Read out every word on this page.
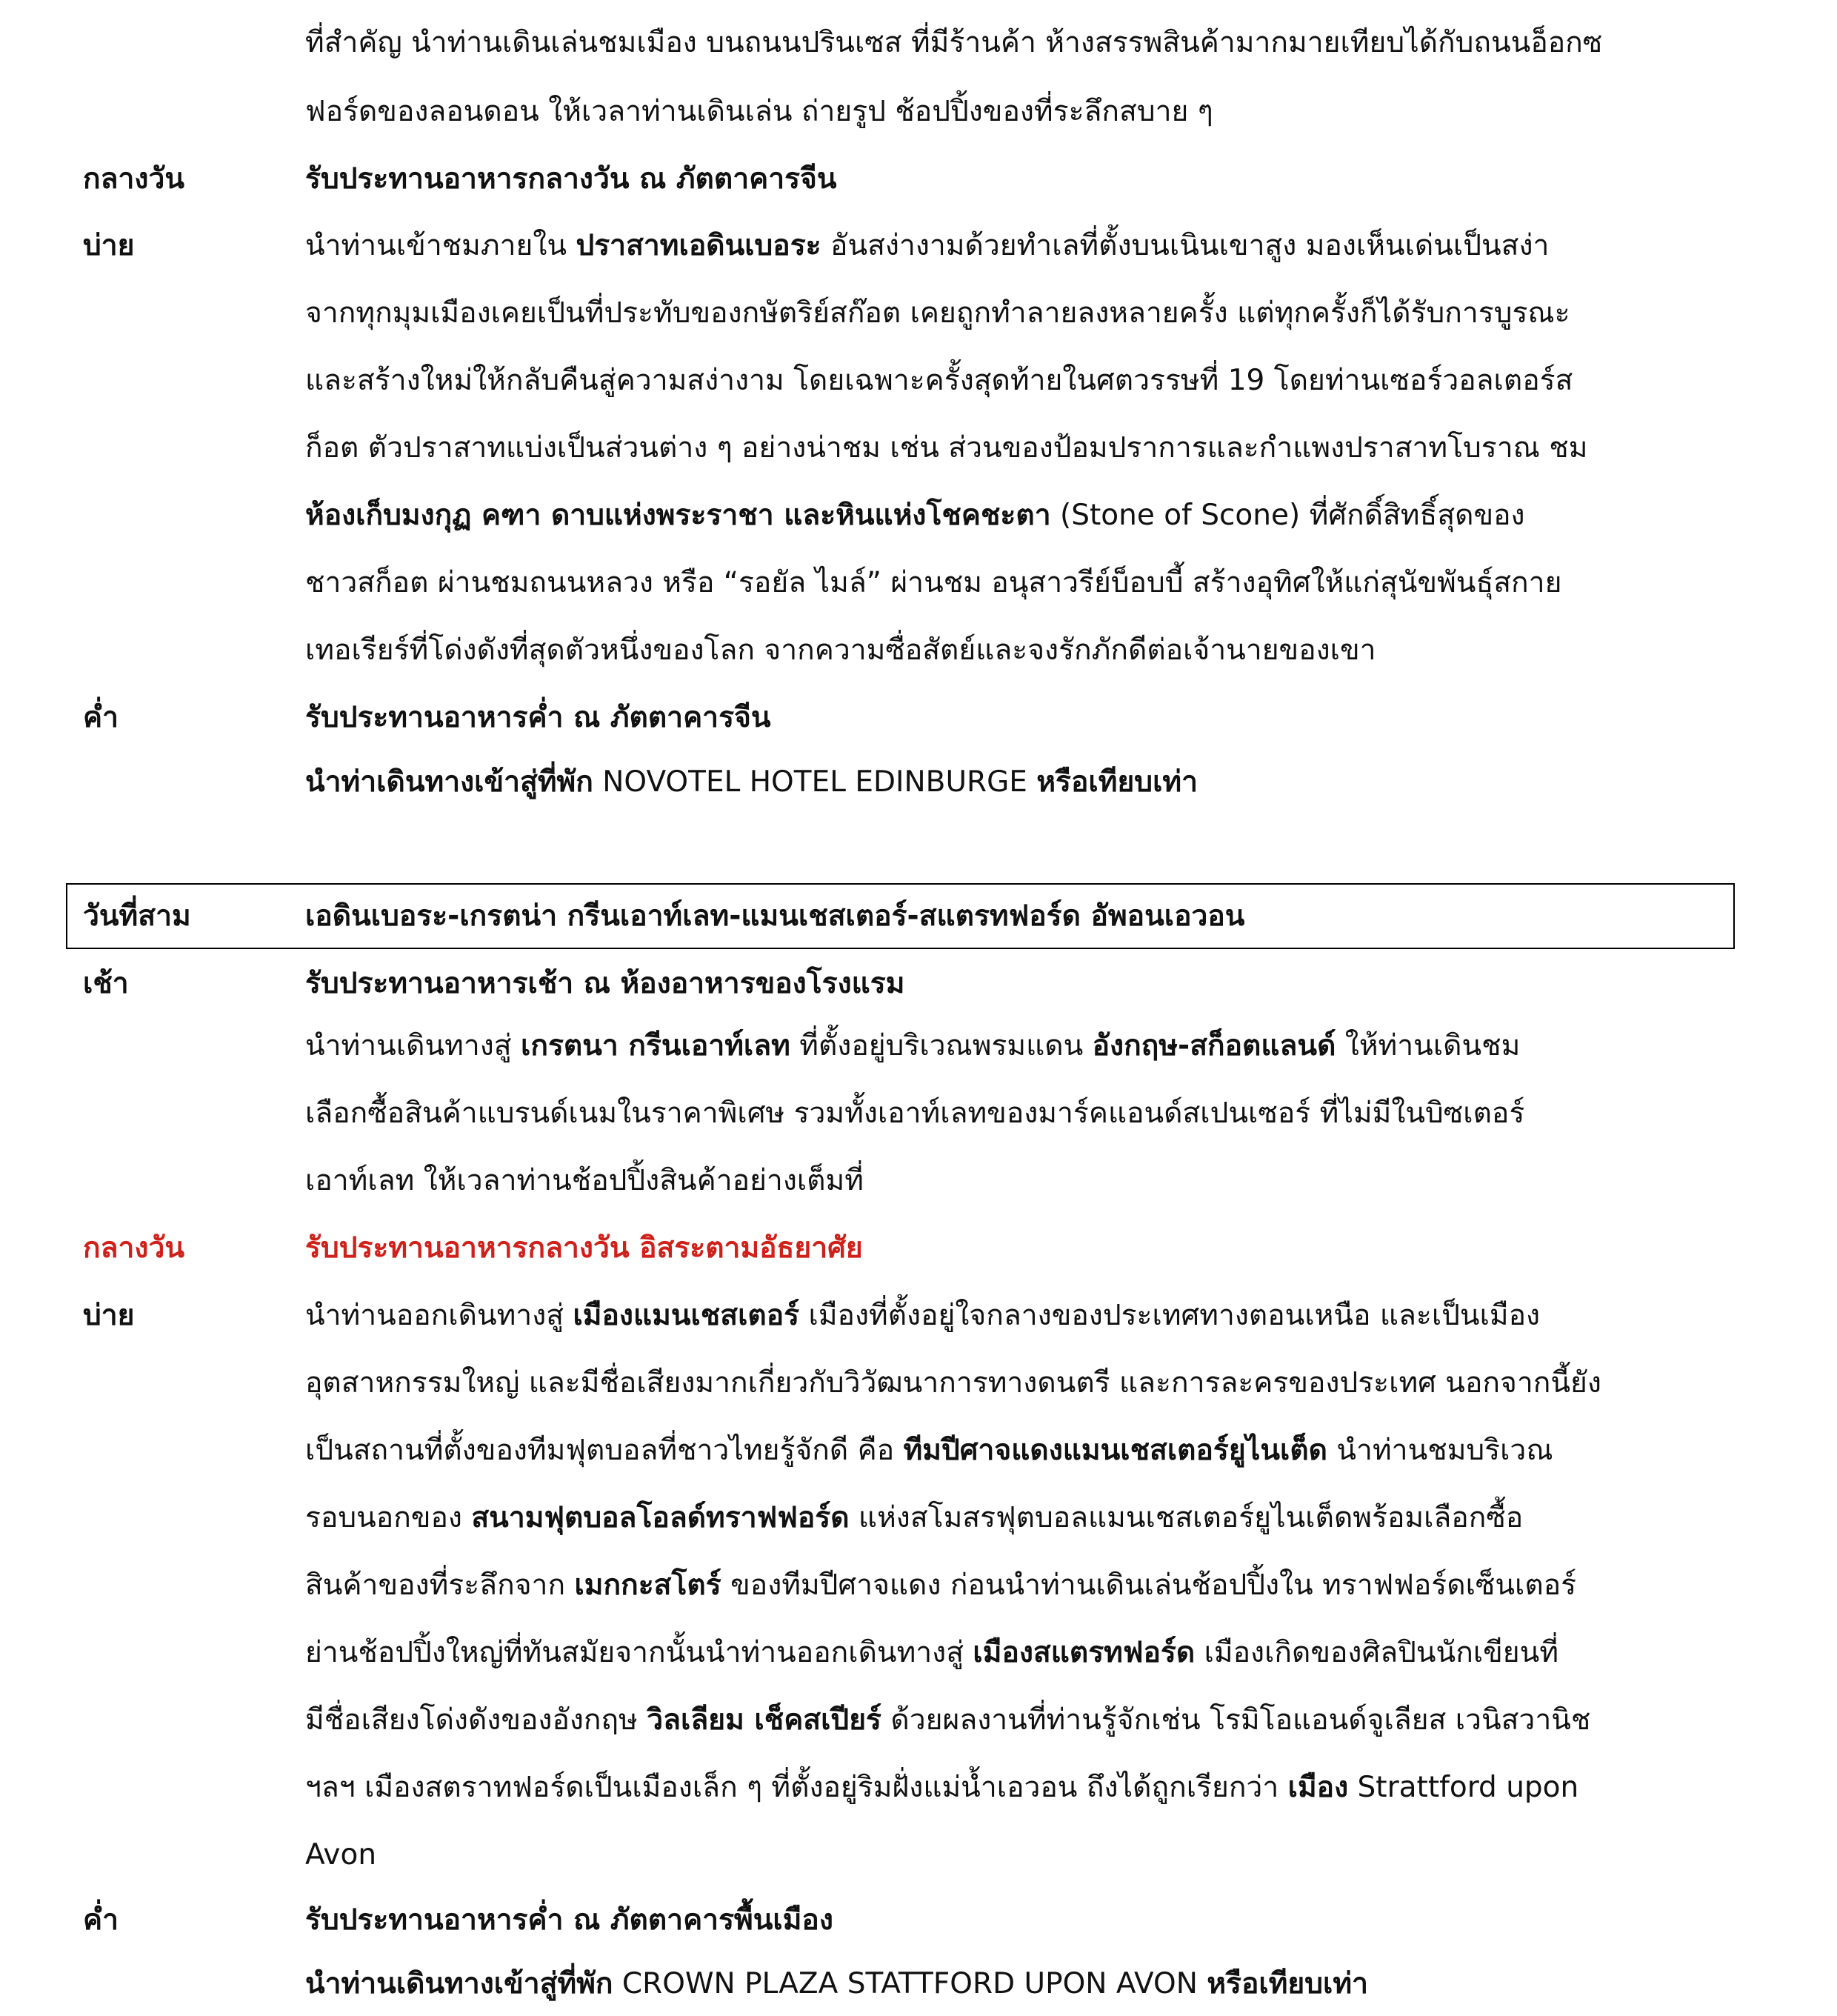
ที่สำคัญ นำท่านเดินเล่นชมเมือง บนถนนปรินเซส ที่มีร้านค้า ห้างสรรพสินค้ามากมายเทียบได้กับถนนอ็อกซ
ฟอร์ดของลอนดอน ให้เวลาท่านเดินเล่น ถ่ายรูป ช้อปปิ้งของที่ระลึกสบาย ๆ
กลางวัน	รับประทานอาหารกลางวัน ณ ภัตตาคารจีน
บ่าย	นำท่านเข้าชมภายใน ปราสาทเอดินเบอระ อันสง่างามด้วยทำเลที่ตั้งบนเนินเขาสูง มองเห็นเด่นเป็นสง่า
จากทุกมุมเมืองเคยเป็นที่ประทับของกษัตริย์สก๊อต เคยถูกทำลายลงหลายครั้ง แต่ทุกครั้งก็ได้รับการบูรณะ
และสร้างใหม่ให้กลับคืนสู่ความสง่างาม โดยเฉพาะครั้งสุดท้ายในศตวรรษที่ 19 โดยท่านเซอร์วอลเตอร์ส
ก็อต ตัวปราสาทแบ่งเป็นส่วนต่าง ๆ อย่างน่าชม เช่น ส่วนของป้อมปราการและกำแพงปราสาทโบราณ ชม
ห้องเก็บมงกุฏ คฑา ดาบแห่งพระราชา และหินแห่งโชคชะตา (Stone of Scone) ที่ศักดิ์สิทธิ์สุดของ
ชาวสก็อต ผ่านชมถนนหลวง หรือ “รอยัล ไมล์” ผ่านชม อนุสาวรีย์บ็อบบี้ สร้างอุทิศให้แก่สุนัขพันธุ์สกาย
เทอเรียร์ที่โด่งดังที่สุดตัวหนึ่งของโลก จากความซื่อสัตย์และจงรักภักดีต่อเจ้านายของเขา
ค่ำ	รับประทานอาหารค่ำ ณ ภัตตาคารจีน
นำท่าเดินทางเข้าสู่ที่พัก NOVOTEL HOTEL EDINBURGE หรือเทียบเท่า
วันที่สาม	เอดินเบอระ-เกรตน่า กรีนเอาท์เลท-แมนเชสเตอร์-สแตรทฟอร์ด อัพอนเอวอน
เช้า	รับประทานอาหารเช้า ณ ห้องอาหารของโรงแรม
นำท่านเดินทางสู่ เกรตนา กรีนเอาท์เลท ที่ตั้งอยู่บริเวณพรมแดน อังกฤษ-สก็อตแลนด์ ให้ท่านเดินชม
เลือกซื้อสินค้าแบรนด์เนมในราคาพิเศษ รวมทั้งเอาท์เลทของมาร์คแอนด์สเปนเซอร์ ที่ไม่มีในบิซเตอร์
เอาท์เลท ให้เวลาท่านช้อปปิ้งสินค้าอย่างเต็มที่
กลางวัน	รับประทานอาหารกลางวัน อิสระตามอัธยาศัย
บ่าย	นำท่านออกเดินทางสู่ เมืองแมนเชสเตอร์ เมืองที่ตั้งอยู่ใจกลางของประเทศทางตอนเหนือ และเป็นเมือง
อุตสาหกรรมใหญ่ และมีชื่อเสียงมากเกี่ยวกับวิวัฒนาการทางดนตรี และการละครของประเทศ นอกจากนี้ยัง
เป็นสถานที่ตั้งของทีมฟุตบอลที่ชาวไทยรู้จักดี คือ ทีมปีศาจแดงแมนเชสเตอร์ยูไนเต็ด นำท่านชมบริเวณ
รอบนอกของ สนามฟุตบอลโอลด์ทราฟฟอร์ด แห่งสโมสรฟุตบอลแมนเชสเตอร์ยูไนเต็ดพร้อมเลือกซื้อ
สินค้าของที่ระลึกจาก เมกกะสโตร์ ของทีมปีศาจแดง ก่อนนำท่านเดินเล่นช้อปปิ้งใน ทราฟฟอร์ดเซ็นเตอร์
ย่านช้อปปิ้งใหญ่ที่ทันสมัยจากนั้นนำท่านออกเดินทางสู่ เมืองสแตรทฟอร์ด เมืองเกิดของศิลปินนักเขียนที่
มีชื่อเสียงโด่งดังของอังกฤษ วิลเลียม เช็คสเปียร์ ด้วยผลงานที่ท่านรู้จักเช่น โรมิโอแอนด์จูเลียส เวนิสวานิช
ฯลฯ เมืองสตราทฟอร์ดเป็นเมืองเล็ก ๆ ที่ตั้งอยู่ริมฝั่งแม่น้ำเอวอน ถึงได้ถูกเรียกว่า เมือง Strattford upon
Avon
ค่ำ	รับประทานอาหารค่ำ ณ ภัตตาคารพื้นเมือง
นำท่านเดินทางเข้าสู่ที่พัก CROWN PLAZA STATTFORD UPON AVON หรือเทียบเท่า
